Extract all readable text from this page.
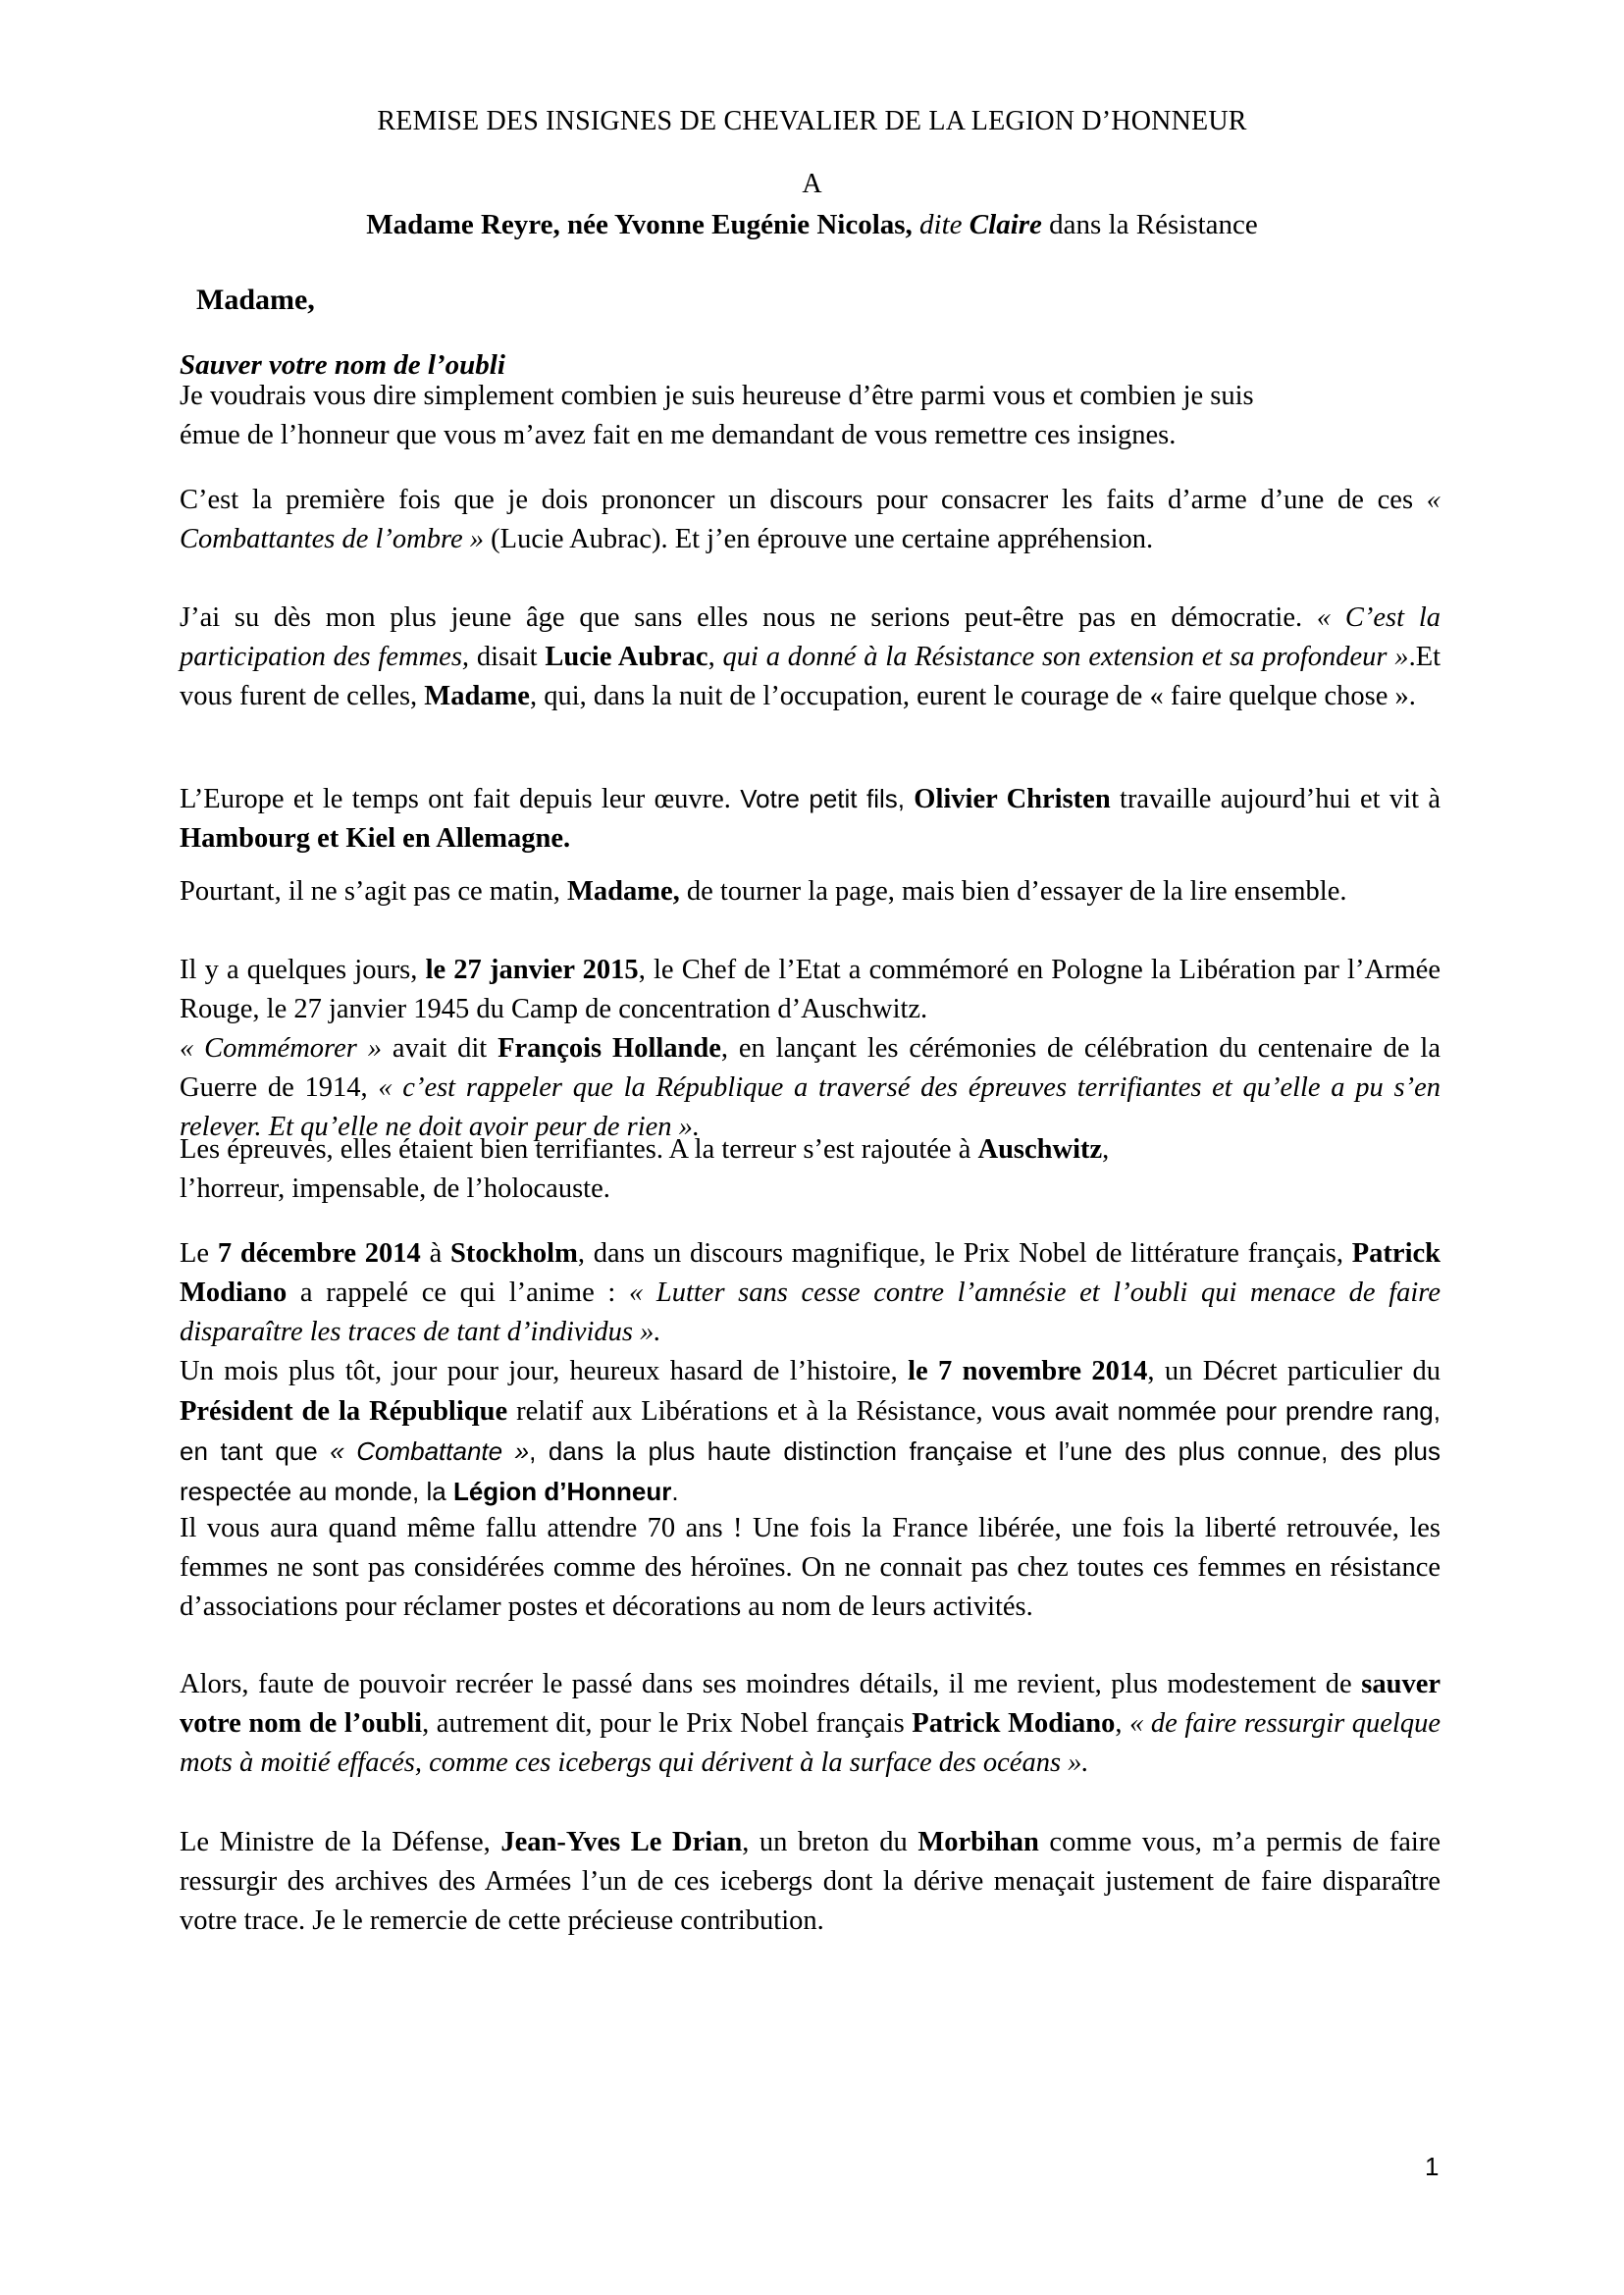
REMISE DES INSIGNES DE CHEVALIER DE LA LEGION D’HONNEUR
A
Madame Reyre, née Yvonne Eugénie Nicolas, dite Claire dans la Résistance
Madame,
Sauver votre nom de l’oubli
Je voudrais vous dire simplement combien je suis heureuse d’être parmi vous et combien je suis
émue de l’honneur que vous m’avez fait en me demandant de vous remettre ces insignes.
C’est la première fois que je dois prononcer un discours pour consacrer les faits d’arme d’une de ces « Combattantes de l’ombre » (Lucie Aubrac). Et j’en éprouve une certaine appréhension.
J’ai su dès mon plus jeune âge que sans elles nous ne serions peut-être pas en démocratie. « C’est la participation des femmes, disait Lucie Aubrac, qui a donné à la Résistance son extension et sa profondeur ».Et vous furent de celles, Madame, qui, dans la nuit de l’occupation, eurent le courage de « faire quelque chose ».
L’Europe et le temps ont fait depuis leur œuvre. Votre petit fils, Olivier Christen travaille aujourd’hui et vit à Hambourg et Kiel en Allemagne.
Pourtant, il ne s’agit pas ce matin, Madame, de tourner la page, mais bien d’essayer de la lire ensemble.
Il y a quelques jours, le 27 janvier 2015, le Chef de l’Etat a commémoré en Pologne la Libération par l’Armée Rouge, le 27 janvier 1945 du Camp de concentration d’Auschwitz.
« Commémorer » avait dit François Hollande, en lançant les cérémonies de célébration du centenaire de la Guerre de 1914, « c’est rappeler que la République a traversé des épreuves terrifiantes et qu’elle a pu s’en relever. Et qu’elle ne doit avoir peur de rien ».
Les épreuves, elles étaient bien terrifiantes. A la terreur s’est rajoutée à Auschwitz,
l’horreur, impensable, de l’holocauste.
Le 7 décembre 2014 à Stockholm, dans un discours magnifique, le Prix Nobel de littérature français, Patrick Modiano a rappelé ce qui l’anime : « Lutter sans cesse contre l’amnésie et l’oubli qui menace de faire disparaître les traces de tant d’individus ».
Un mois plus tôt, jour pour jour, heureux hasard de l’histoire, le 7 novembre 2014, un Décret particulier du Président de la République relatif aux Libérations et à la Résistance, vous avait nommée pour prendre rang, en tant que « Combattante », dans la plus haute distinction française et l’une des plus connue, des plus respectée au monde, la Légion d’Honneur.
Il vous aura quand même fallu attendre 70 ans ! Une fois la France libérée, une fois la liberté retrouvée, les femmes ne sont pas considérées comme des héroïnes. On ne connait pas chez toutes ces femmes en résistance d’associations pour réclamer postes et décorations au nom de leurs activités.
Alors, faute de pouvoir recréer le passé dans ses moindres détails, il me revient, plus modestement de sauver votre nom de l’oubli, autrement dit, pour le Prix Nobel français Patrick Modiano, « de faire ressurgir quelque mots à moitié effacés, comme ces icebergs qui dérivent à la surface des océans ».
Le Ministre de la Défense, Jean-Yves Le Drian, un breton du Morbihan comme vous, m’a permis de faire ressurgir des archives des Armées l’un de ces icebergs dont la dérive menaçait justement de faire disparaître votre trace. Je le remercie de cette précieuse contribution.
1
